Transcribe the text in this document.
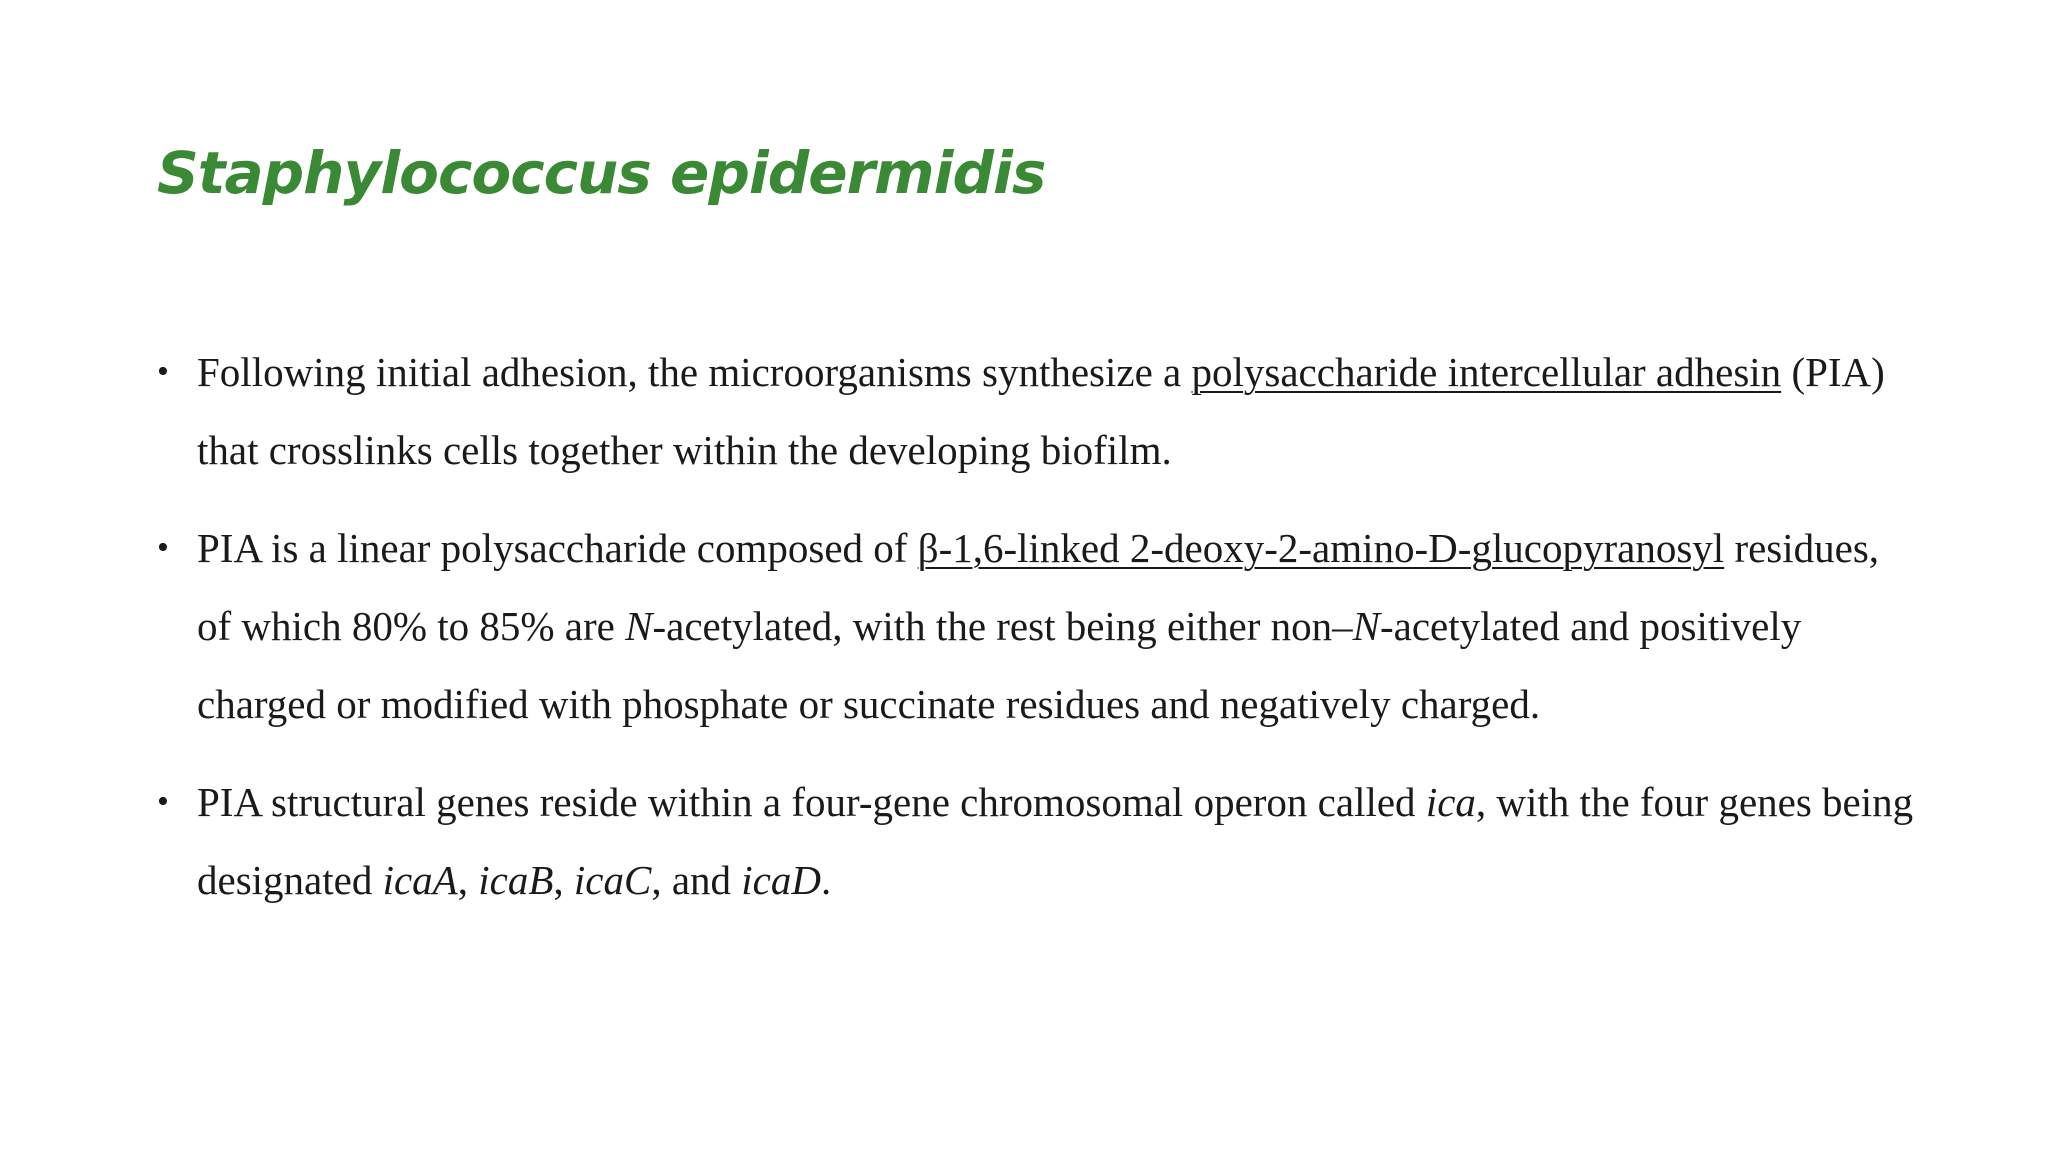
Staphylococcus epidermidis
• Following initial adhesion, the microorganisms synthesize a polysaccharide intercellular adhesin (PIA) that crosslinks cells together within the developing biofilm.
• PIA is a linear polysaccharide composed of β-1,6-linked 2-deoxy-2-amino-D-glucopyranosyl residues, of which 80% to 85% are N-acetylated, with the rest being either non–N-acetylated and positively charged or modified with phosphate or succinate residues and negatively charged.
• PIA structural genes reside within a four-gene chromosomal operon called ica, with the four genes being designated icaA, icaB, icaC, and icaD.
